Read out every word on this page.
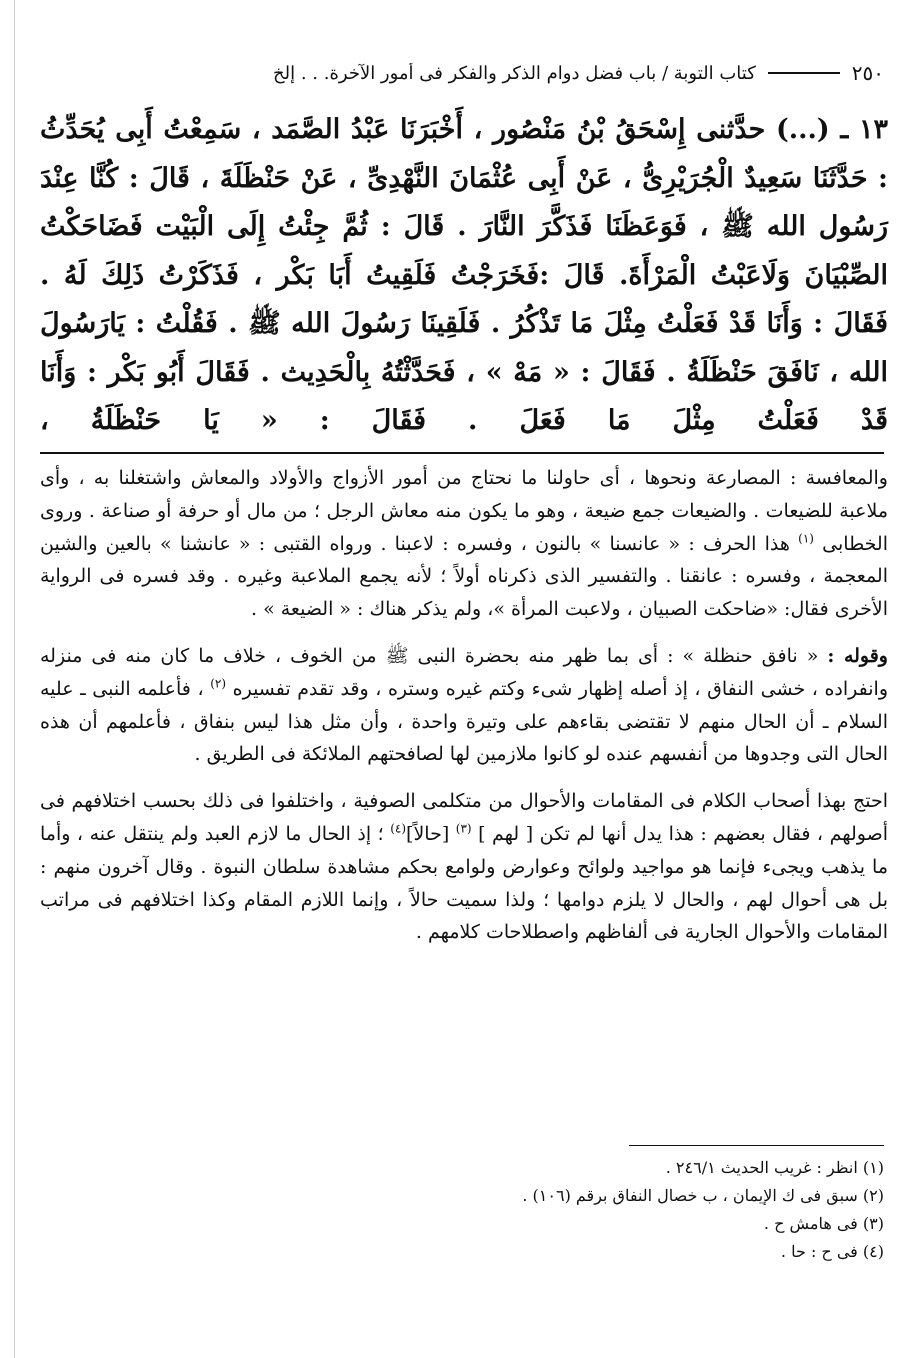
٢٥٠
كتاب التوبة / باب فضل دوام الذكر والفكر فى أمور الآخرة. . . إلخ

١٣ ـ (...) حدَّثنى إِسْحَقُ بْنُ مَنْصُور ، أَخْبَرَنَا عَبْدُ الصَّمَد ، سَمِعْتُ أَبِى يُحَدِّثُ : حَدَّثَنَا سَعِيدٌ الْجُرَيْرِىُّ ، عَنْ أَبِى عُثْمَانَ النَّهْدِىِّ ، عَنْ حَنْظَلَةَ ، قَالَ : كُنَّا عِنْدَ رَسُول الله ﷺ ، فَوَعَظَنَا فَذَكَّرَ النَّارَ . قَالَ : ثُمَّ جِئْتُ إِلَى الْبَيْت فَضَاحَكْتُ الصِّبْيَانَ وَلَاعَبْتُ الْمَرْأَةَ. قَالَ :فَخَرَجْتُ فَلَقِيتُ أَبَا بَكْر ، فَذَكَرْتُ ذَلِكَ لَهُ . فَقَالَ : وَأَنَا قَدْ فَعَلْتُ مِثْلَ مَا تَذْكُرُ . فَلَقِينَا رَسُولَ الله ﷺ . فَقُلْتُ : يَارَسُولَ الله ، نَافَقَ حَنْظَلَةُ . فَقَالَ : « مَهْ » ، فَحَدَّثْتُهُ بِالْحَدِيث . فَقَالَ أَبُو بَكْر : وَأَنَا قَدْ فَعَلْتُ مِثْلَ مَا فَعَلَ . فَقَالَ : « يَا حَنْظَلَةُ ،

والمعافسة : المصارعة ونحوها ، أى حاولنا ما نحتاج من أمور الأزواج والأولاد والمعاش واشتغلنا به ، وأى ملاعبة للضيعات . والضيعات جمع ضيعة ، وهو ما يكون منه معاش الرجل ؛ من مال أو حرفة أو صناعة . وروى الخطابى $^{(١)}$ هذا الحرف : « عانسنا » بالنون ، وفسره : لاعبنا . ورواه القتبى : « عانشنا » بالعين والشين المعجمة ، وفسره : عانقنا . والتفسير الذى ذكرناه أولاً ؛ لأنه يجمع الملاعبة وغيره . وقد فسره فى الرواية الأخرى فقال: «ضاحكت الصبيان ، ولاعبت المرأة »، ولم يذكر هناك : « الضيعة » .

وقوله : « نافق حنظلة » : أى بما ظهر منه بحضرة النبى ﷺ من الخوف ، خلاف ما كان منه فى منزله وانفراده ، خشى النفاق ، إذ أصله إظهار شىء وكتم غيره وستره ، وقد تقدم تفسيره $^{(٢)}$ ، فأعلمه النبى ـ عليه السلام ـ أن الحال منهم لا تقتضى بقاءهم على وتيرة واحدة ، وأن مثل هذا ليس بنفاق ، فأعلمهم أن هذه الحال التى وجدوها من أنفسهم عنده لو كانوا ملازمين لها لصافحتهم الملائكة فى الطريق .

احتج بهذا أصحاب الكلام فى المقامات والأحوال من متكلمى الصوفية ، واختلفوا فى ذلك بحسب اختلافهم فى أصولهم ، فقال بعضهم : هذا يدل أنها لم تكن [ لهم ] $^{(٣)}$ [حالاً]$^{(٤)}$ ؛ إذ الحال ما لازم العبد ولم ينتقل عنه ، وأما ما يذهب ويجىء فإنما هو مواجيد ولوائح وعوارض ولوامع بحكم مشاهدة سلطان النبوة . وقال آخرون منهم : بل هى أحوال لهم ، والحال لا يلزم دوامها ؛ ولذا سميت حالاً ، وإنما اللازم المقام وكذا اختلافهم فى مراتب المقامات والأحوال الجارية فى ألفاظهم واصطلاحات كلامهم .

(١) انظر : غريب الحديث ٢٤٦/١ .
(٢) سبق فى ك الإيمان ، ب خصال النفاق برقم (١٠٦) .
(٣) فى هامش ح .
(٤) فى ح : حا .
